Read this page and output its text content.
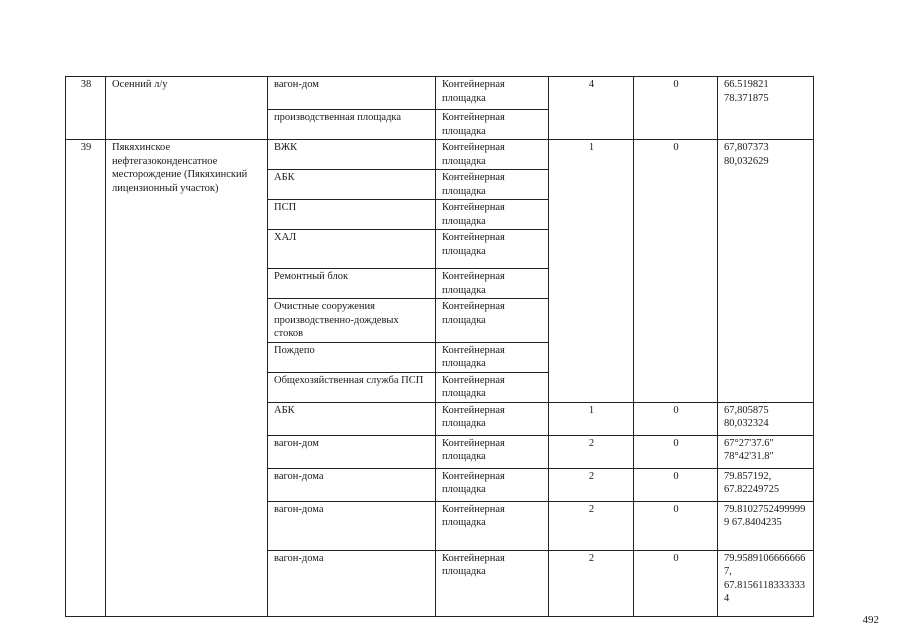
38	Осенний л/у	вагон-дом	Контейнерная площадка	4	0	66.519821
78.371875

		производственная площадка	Контейнерная площадка			
39	Пякяхинское нефтегазоконденсатное месторождение (Пякяхинский лицензионный участок)	ВЖК	Контейнерная площадка	1	0	67,807373
80,032629

		АБК	Контейнерная площадка			
		ПСП	Контейнерная площадка			
		ХАЛ	Контейнерная площадка			
		Ремонтный блок	Контейнерная площадка			
		Очистные сооружения производственно-дождевых стоков	Контейнерная площадка			
		Пождепо	Контейнерная площадка			
		Общехозяйственная служба ПСП	Контейнерная площадка			
		АБК	Контейнерная площадка	1	0	67,805875
80,032324

		вагон-дом	Контейнерная площадка	2	0	67°27'37.6"
78°42'31.8"

		вагон-дома	Контейнерная площадка	2	0	79.857192,
67.82249725

		вагон-дома	Контейнерная площадка	2	0	79.81027524999999 67.8404235
		вагон-дома	Контейнерная площадка	2	0	79.95891066666667,
67.81561183333334
492
